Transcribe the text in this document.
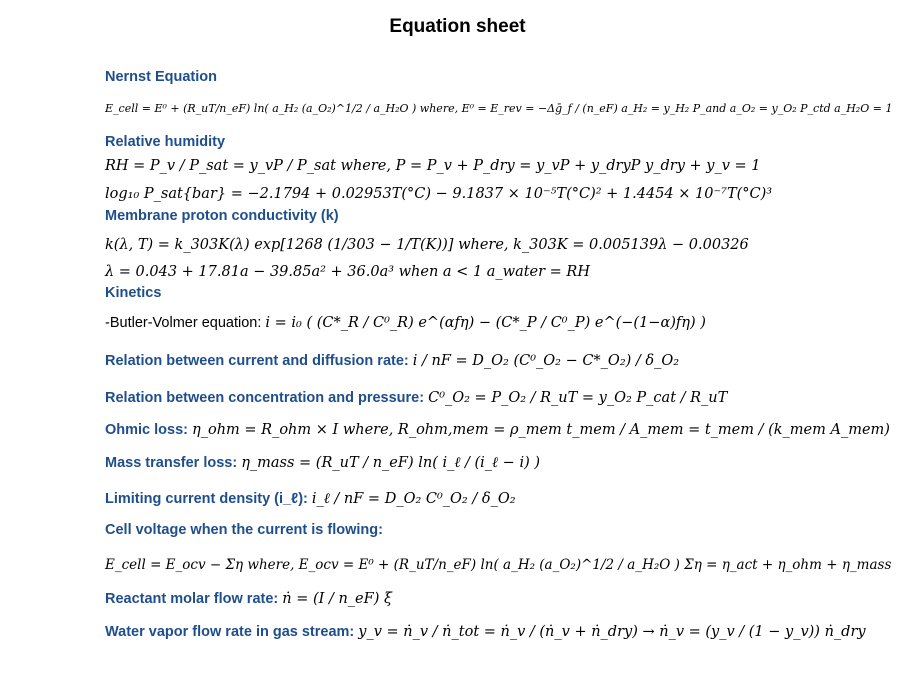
Equation sheet
Nernst Equation
E_cell = E⁰ + (R_uT/n_eF) ln( a_H₂ (a_O₂)^1/2 / a_H₂O ) where, E⁰ = E_rev = −Δḡ_f / (n_eF) a_H₂ = y_H₂ P_and a_O₂ = y_O₂ P_ctd a_H₂O = 1
Relative humidity
RH = P_v / P_sat = y_vP / P_sat where, P = P_v + P_dry = y_vP + y_dryP y_dry + y_v = 1
log₁₀ P_sat{bar} = −2.1794 + 0.02953T(°C) − 9.1837 × 10⁻⁵T(°C)² + 1.4454 × 10⁻⁷T(°C)³
Membrane proton conductivity (k)
k(λ, T) = k_303K(λ) exp[1268 (1/303 − 1/T(K))] where, k_303K = 0.005139λ − 0.00326
λ = 0.043 + 17.81a − 39.85a² + 36.0a³ when a < 1 a_water = RH
Kinetics
-Butler-Volmer equation: i = i₀ ( (C*_R / C⁰_R) e^(αfη) − (C*_P / C⁰_P) e^(−(1−α)fη) )
Relation between current and diffusion rate: i / nF = D_O₂ (C⁰_O₂ − C*_O₂) / δ_O₂
Relation between concentration and pressure: C⁰_O₂ = P_O₂ / R_uT = y_O₂ P_cat / R_uT
Ohmic loss: η_ohm = R_ohm × I where, R_ohm,mem = ρ_mem t_mem / A_mem = t_mem / (k_mem A_mem)
Mass transfer loss: η_mass = (R_uT / n_eF) ln( i_ℓ / (i_ℓ − i) )
Limiting current density (i_ℓ): i_ℓ / nF = D_O₂ C⁰_O₂ / δ_O₂
Cell voltage when the current is flowing:
E_cell = E_ocv − Ση where, E_ocv = E⁰ + (R_uT/n_eF) ln( a_H₂ (a_O₂)^1/2 / a_H₂O ) Ση = η_act + η_ohm + η_mass
Reactant molar flow rate: ṅ = (I / n_eF) ξ
Water vapor flow rate in gas stream: y_v = ṅ_v / ṅ_tot = ṅ_v / (ṅ_v + ṅ_dry) → ṅ_v = (y_v / (1 − y_v)) ṅ_dry
